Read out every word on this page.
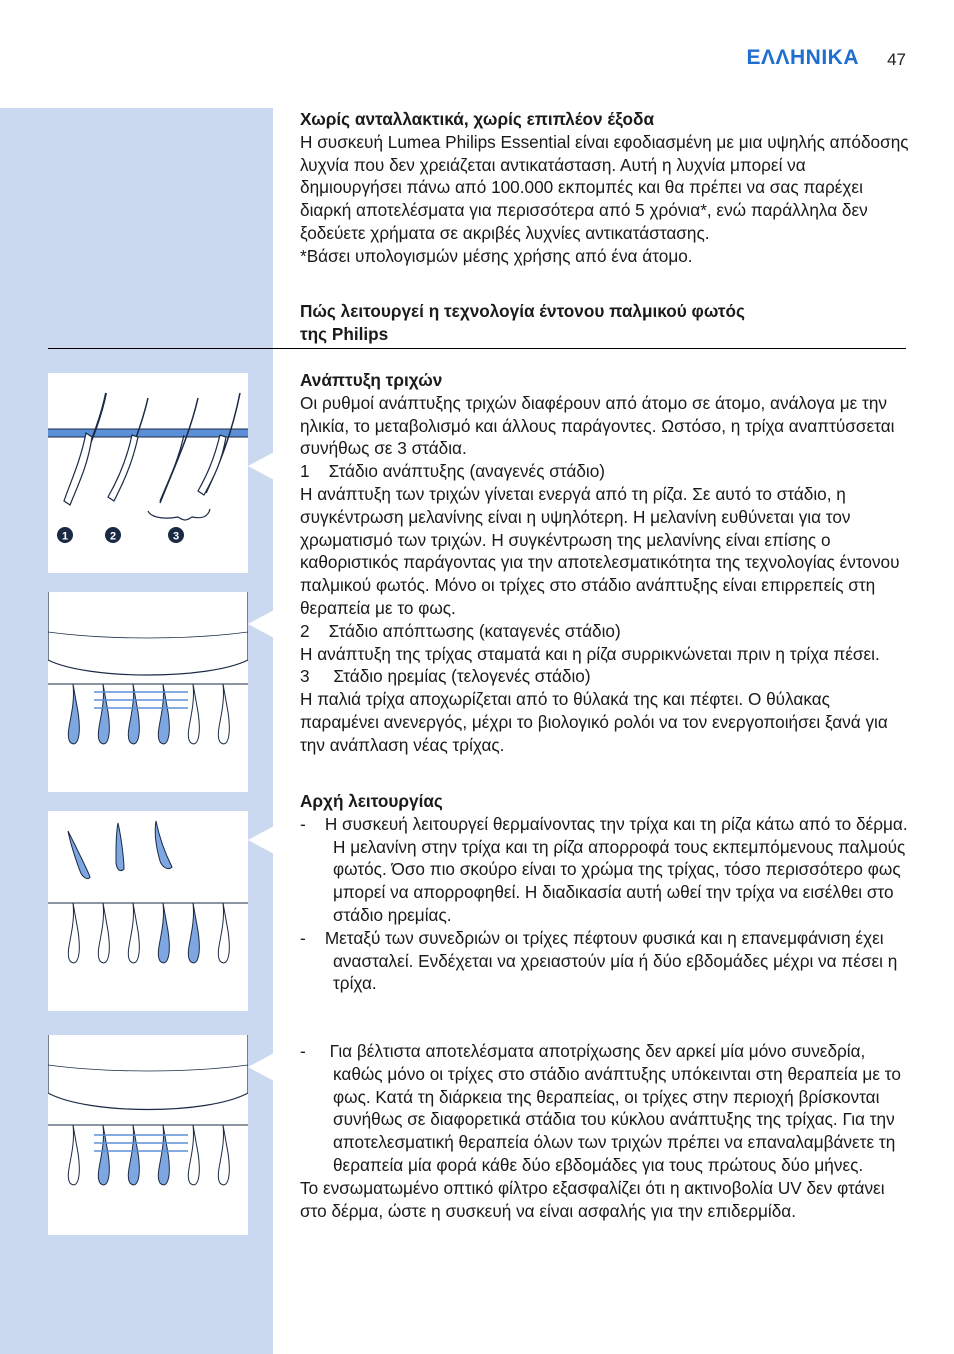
ΕΛΛΗΝΙΚΑ 47
1	2	3

Χωρίς ανταλλακτικά, χωρίς επιπλέον έξοδα

Η συσκευή Lumea Philips Essential είναι εφοδιασμένη με μια υψηλής απόδοσης λυχνία που δεν χρειάζεται αντικατάσταση. Αυτή η λυχνία μπορεί να δημιουργήσει πάνω από 100.000 εκπομπές και θα πρέπει να σας παρέχει διαρκή αποτελέσματα για περισσότερα από 5 χρόνια*, ενώ παράλληλα δεν ξοδεύετε χρήματα σε ακριβές λυχνίες αντικατάστασης.

*Βάσει υπολογισμών μέσης χρήσης από ένα άτομο.

Πώς λειτουργεί η τεχνολογία έντονου παλμικού φωτός

της Philips

Ανάπτυξη τριχών

Οι ρυθμοί ανάπτυξης τριχών διαφέρουν από άτομο σε άτομο, ανάλογα με την ηλικία, το μεταβολισμό και άλλους παράγοντες. Ωστόσο, η τρίχα αναπτύσσεται συνήθως σε 3 στάδια.

1    Στάδιο ανάπτυξης (αναγενές στάδιο)

Η ανάπτυξη των τριχών γίνεται ενεργά από τη ρίζα. Σε αυτό το στάδιο, η συγκέντρωση μελανίνης είναι η υψηλότερη. Η μελανίνη ευθύνεται για τον χρωματισμό των τριχών. Η συγκέντρωση της μελανίνης είναι επίσης ο καθοριστικός παράγοντας για την αποτελεσματικότητα της τεχνολογίας έντονου παλμικού φωτός. Μόνο οι τρίχες στο στάδιο ανάπτυξης είναι επιρρεπείς στη θεραπεία με το φως.

2    Στάδιο απόπτωσης (καταγενές στάδιο)

Η ανάπτυξη της τρίχας σταματά και η ρίζα συρρικνώνεται πριν η τρίχα πέσει.

3     Στάδιο ηρεμίας (τελογενές στάδιο)

Η παλιά τρίχα αποχωρίζεται από το θύλακά της και πέφτει. Ο θύλακας παραμένει ανενεργός, μέχρι το βιολογικό ρολόι να τον ενεργοποιήσει ξανά για την ανάπλαση νέας τρίχας.

Αρχή λειτουργίας

-    Η συσκευή λειτουργεί θερμαίνοντας την τρίχα και τη ρίζα κάτω από το δέρμα. Η μελανίνη στην τρίχα και τη ρίζα απορροφά τους εκπεμπόμενους παλμούς φωτός. Όσο πιο σκούρο είναι το χρώμα της τρίχας, τόσο περισσότερο φως μπορεί να απορροφηθεί. Η διαδικασία αυτή ωθεί την τρίχα να εισέλθει στο στάδιο ηρεμίας.

-    Μεταξύ των συνεδριών οι τρίχες πέφτουν φυσικά και η επανεμφάνιση έχει ανασταλεί. Ενδέχεται να χρειαστούν μία ή δύο εβδομάδες μέχρι να πέσει η τρίχα.

-     Για βέλτιστα αποτελέσματα αποτρίχωσης δεν αρκεί μία μόνο συνεδρία, καθώς μόνο οι τρίχες στο στάδιο ανάπτυξης υπόκεινται στη θεραπεία με το φως. Κατά τη διάρκεια της θεραπείας, οι τρίχες στην περιοχή βρίσκονται συνήθως σε διαφορετικά στάδια του κύκλου ανάπτυξης της τρίχας. Για την αποτελεσματική θεραπεία όλων των τριχών πρέπει να επαναλαμβάνετε τη θεραπεία μία φορά κάθε δύο εβδομάδες για τους πρώτους δύο μήνες.

Το ενσωματωμένο οπτικό φίλτρο εξασφαλίζει ότι η ακτινοβολία UV δεν φτάνει στο δέρμα, ώστε η συσκευή να είναι ασφαλής για την επιδερμίδα.
